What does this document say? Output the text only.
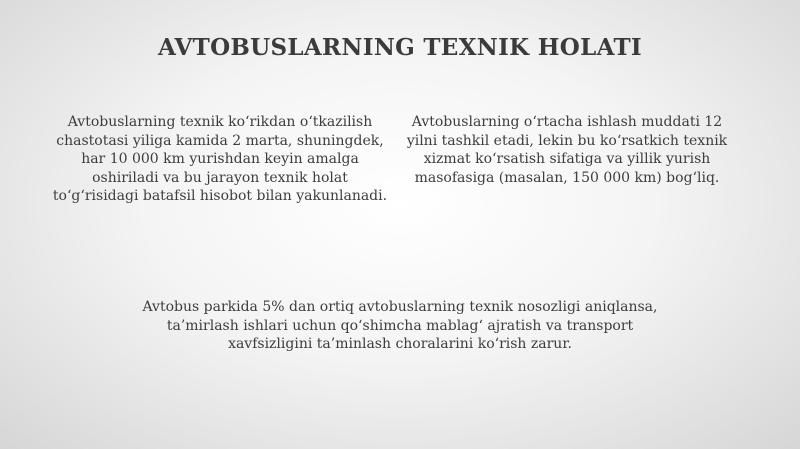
AVTOBUSLARNING TEXNIK HOLATI

Avtobuslarning texnik ko‘rikdan o‘tkazilish chastotasi yiliga kamida 2 marta, shuningdek, har 10 000 km yurishdan keyin amalga oshiriladi va bu jarayon texnik holat to‘g‘risidagi batafsil hisobot bilan yakunlanadi.

Avtobuslarning o‘rtacha ishlash muddati 12 yilni tashkil etadi, lekin bu ko‘rsatkich texnik xizmat ko‘rsatish sifatiga va yillik yurish masofasiga (masalan, 150 000 km) bog‘liq.

Avtobus parkida 5% dan ortiq avtobuslarning texnik nosozligi aniqlansa, ta’mirlash ishlari uchun qo‘shimcha mablag‘ ajratish va transport xavfsizligini ta’minlash choralarini ko‘rish zarur.
